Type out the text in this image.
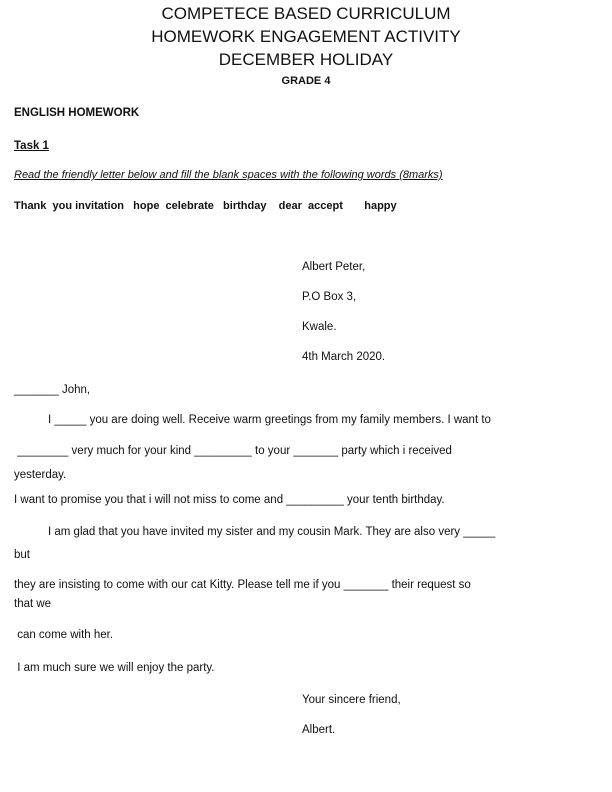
COMPETECE BASED CURRICULUM
HOMEWORK ENGAGEMENT ACTIVITY
DECEMBER HOLIDAY
GRADE 4
ENGLISH HOMEWORK
Task 1
Read the friendly letter below and fill the blank spaces with the following words (8marks)
Thank  you invitation   hope  celebrate   birthday    dear  accept       happy
Albert Peter,
P.O Box 3,
Kwale.
4th March 2020.
_______ John,
I _____ you are doing well. Receive warm greetings from my family members. I want to
________ very much for your kind _________ to your _______ party which i received
yesterday.
I want to promise you that i will not miss to come and _________ your tenth birthday.
I am glad that you have invited my sister and my cousin Mark. They are also very _____
but
they are insisting to come with our cat Kitty. Please tell me if you _______ their request so
that we
can come with her.
I am much sure we will enjoy the party.
Your sincere friend,
Albert.
